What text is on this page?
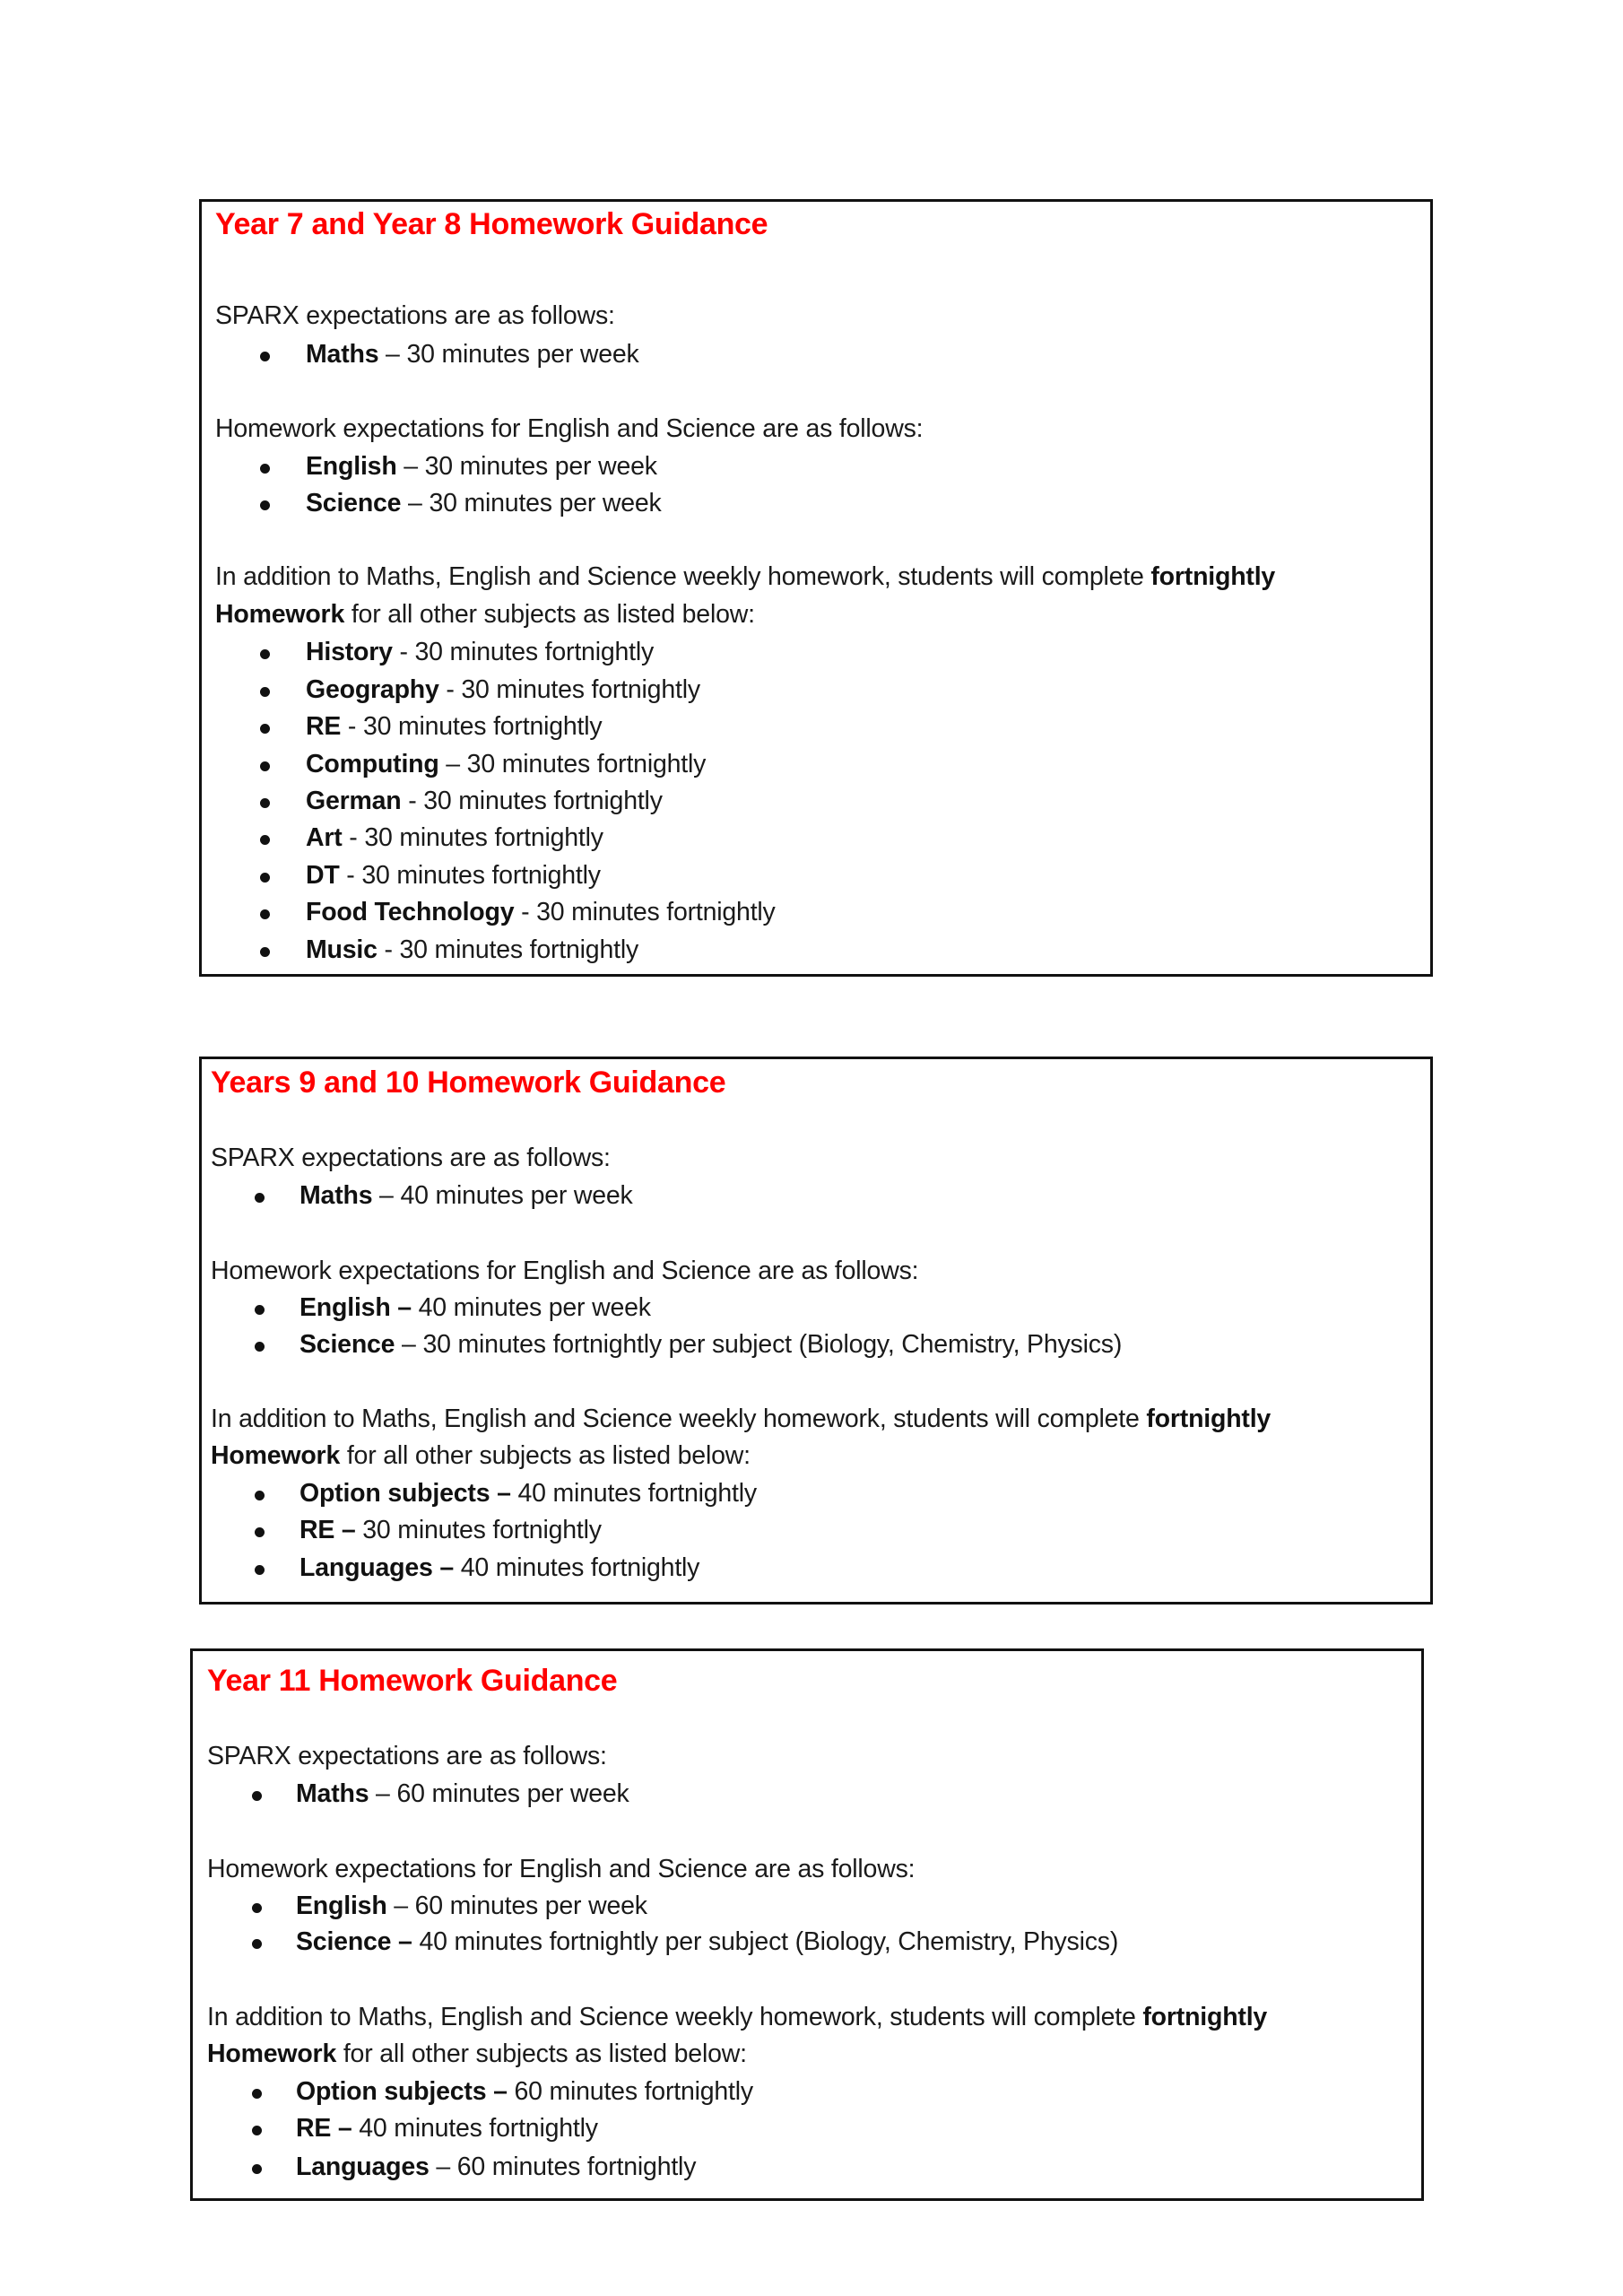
Year 7 and Year 8 Homework Guidance
SPARX expectations are as follows:
Maths – 30 minutes per week
Homework expectations for English and Science are as follows:
English – 30 minutes per week
Science – 30 minutes per week
In addition to Maths, English and Science weekly homework, students will complete fortnightly
Homework for all other subjects as listed below:
History - 30 minutes fortnightly
Geography - 30 minutes fortnightly
RE - 30 minutes fortnightly
Computing – 30 minutes fortnightly
German - 30 minutes fortnightly
Art - 30 minutes fortnightly
DT - 30 minutes fortnightly
Food Technology - 30 minutes fortnightly
Music - 30 minutes fortnightly
Years 9 and 10 Homework Guidance
SPARX expectations are as follows:
Maths – 40 minutes per week
Homework expectations for English and Science are as follows:
English – 40 minutes per week
Science – 30 minutes fortnightly per subject (Biology, Chemistry, Physics)
In addition to Maths, English and Science weekly homework, students will complete fortnightly
Homework for all other subjects as listed below:
Option subjects – 40 minutes fortnightly
RE – 30 minutes fortnightly
Languages – 40 minutes fortnightly
Year 11 Homework Guidance
SPARX expectations are as follows:
Maths – 60 minutes per week
Homework expectations for English and Science are as follows:
English – 60 minutes per week
Science – 40 minutes fortnightly per subject (Biology, Chemistry, Physics)
In addition to Maths, English and Science weekly homework, students will complete fortnightly
Homework for all other subjects as listed below:
Option subjects – 60 minutes fortnightly
RE – 40 minutes fortnightly
Languages – 60 minutes fortnightly
